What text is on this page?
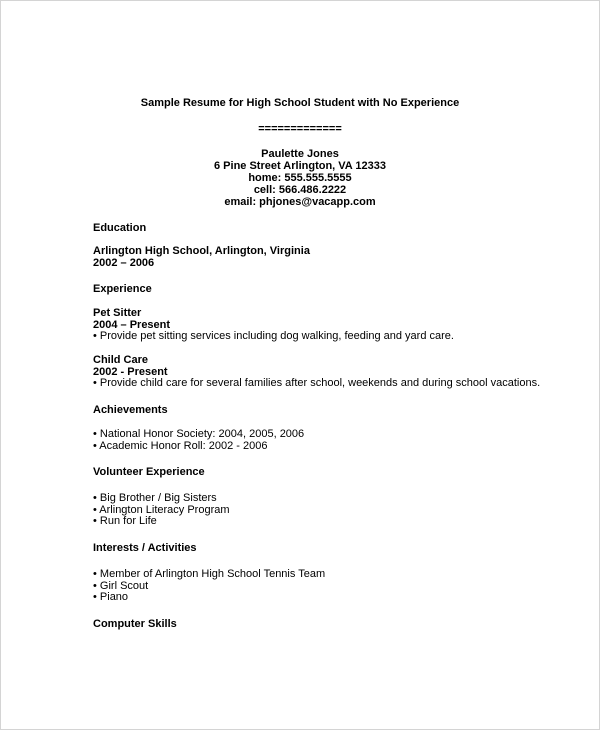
Sample Resume for High School Student with No Experience
=============
Paulette Jones
6 Pine Street Arlington, VA 12333
home: 555.555.5555
cell: 566.486.2222
email: phjones@vacapp.com
Education
Arlington High School, Arlington, Virginia
2002 – 2006
Experience
Pet Sitter
2004 – Present
• Provide pet sitting services including dog walking, feeding and yard care.
Child Care
2002 - Present
• Provide child care for several families after school, weekends and during school vacations.
Achievements
• National Honor Society: 2004, 2005, 2006
• Academic Honor Roll: 2002 - 2006
Volunteer Experience
• Big Brother / Big Sisters
• Arlington Literacy Program
• Run for Life
Interests / Activities
• Member of Arlington High School Tennis Team
• Girl Scout
• Piano
Computer Skills
